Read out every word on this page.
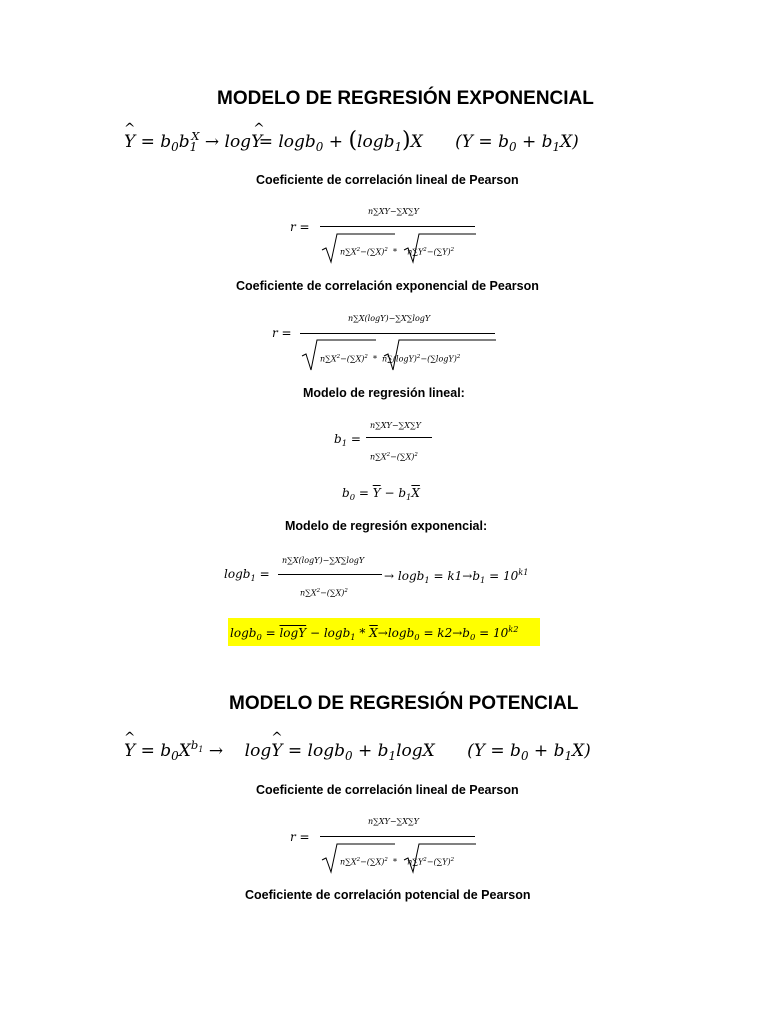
MODELO DE REGRESIÓN EXPONENCIAL
^ $Y = b_0b_1^X \to \log Y = \log b_0 + (\log b_1)X$      $(Y = b_0 + b_1X)$
Coeficiente de correlación lineal de Pearson
r =
n∑XY−∑X∑Y
$n\sum X^2-(\sum X)^2$  *    $n\sum Y^2-(\sum Y)^2$
Coeficiente de correlación exponencial de Pearson
r =
n∑X(logY)−∑X∑logY
$n\sum X^2-(\sum X)^2 * n\sum(\log Y)^2-(\sum\log Y)^2$
Modelo de regresión lineal:
$b_1$ =
n∑XY−∑X∑Y
$n\sum X^2-(\sum X)^2$
$b_0 = \overline{Y} - b_1\overline{X}$
Modelo de regresión exponencial:
logb$_1$ =
n∑X(logY)−∑X∑logY
$n\sum X^2-(\sum X)^2$
→ $\log b_1 = k1\to b_1 = 10^{k1}$
$\log b_0 = \log Y - \log b_1 * \overline{X}\to\log b_0 = k2\to b_0 = 10^{k2}$
MODELO DE REGRESIÓN POTENCIAL
^ $Y = b_0X^{b_1}$ →    log^ $Y = \log b_0 + b_1\log X$      $(Y = b_0 + b_1X)$
Coeficiente de correlación lineal de Pearson
r =
n∑XY−∑X∑Y
$n\sum X^2-(\sum X)^2$  *    $n\sum Y^2-(\sum Y)^2$
Coeficiente de correlación potencial de Pearson
